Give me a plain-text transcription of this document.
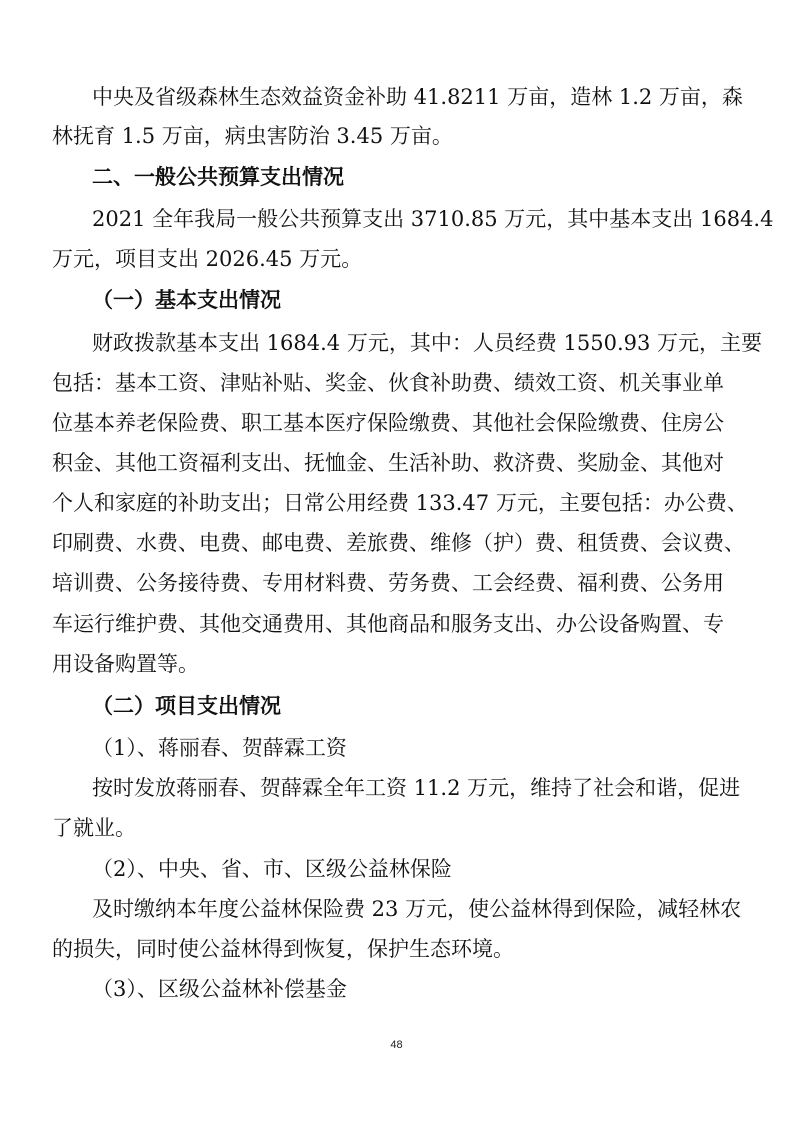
中央及省级森林生态效益资金补助 41.8211 万亩，造林 1.2 万亩，森
林抚育 1.5 万亩，病虫害防治 3.45 万亩。
二、一般公共预算支出情况
2021 全年我局一般公共预算支出 3710.85 万元，其中基本支出 1684.4
万元，项目支出 2026.45 万元。
（一）基本支出情况
财政拨款基本支出 1684.4 万元，其中：人员经费 1550.93 万元，主要
包括：基本工资、津贴补贴、奖金、伙食补助费、绩效工资、机关事业单
位基本养老保险费、职工基本医疗保险缴费、其他社会保险缴费、住房公
积金、其他工资福利支出、抚恤金、生活补助、救济费、奖励金、其他对
个人和家庭的补助支出；日常公用经费 133.47 万元，主要包括：办公费、
印刷费、水费、电费、邮电费、差旅费、维修（护）费、租赁费、会议费、
培训费、公务接待费、专用材料费、劳务费、工会经费、福利费、公务用
车运行维护费、其他交通费用、其他商品和服务支出、办公设备购置、专
用设备购置等。
（二）项目支出情况
（1）、蒋丽春、贺薛霖工资
按时发放蒋丽春、贺薛霖全年工资 11.2 万元，维持了社会和谐，促进
了就业。
（2）、中央、省、市、区级公益林保险
及时缴纳本年度公益林保险费 23 万元，使公益林得到保险，减轻林农
的损失，同时使公益林得到恢复，保护生态环境。
（3）、区级公益林补偿基金
48
